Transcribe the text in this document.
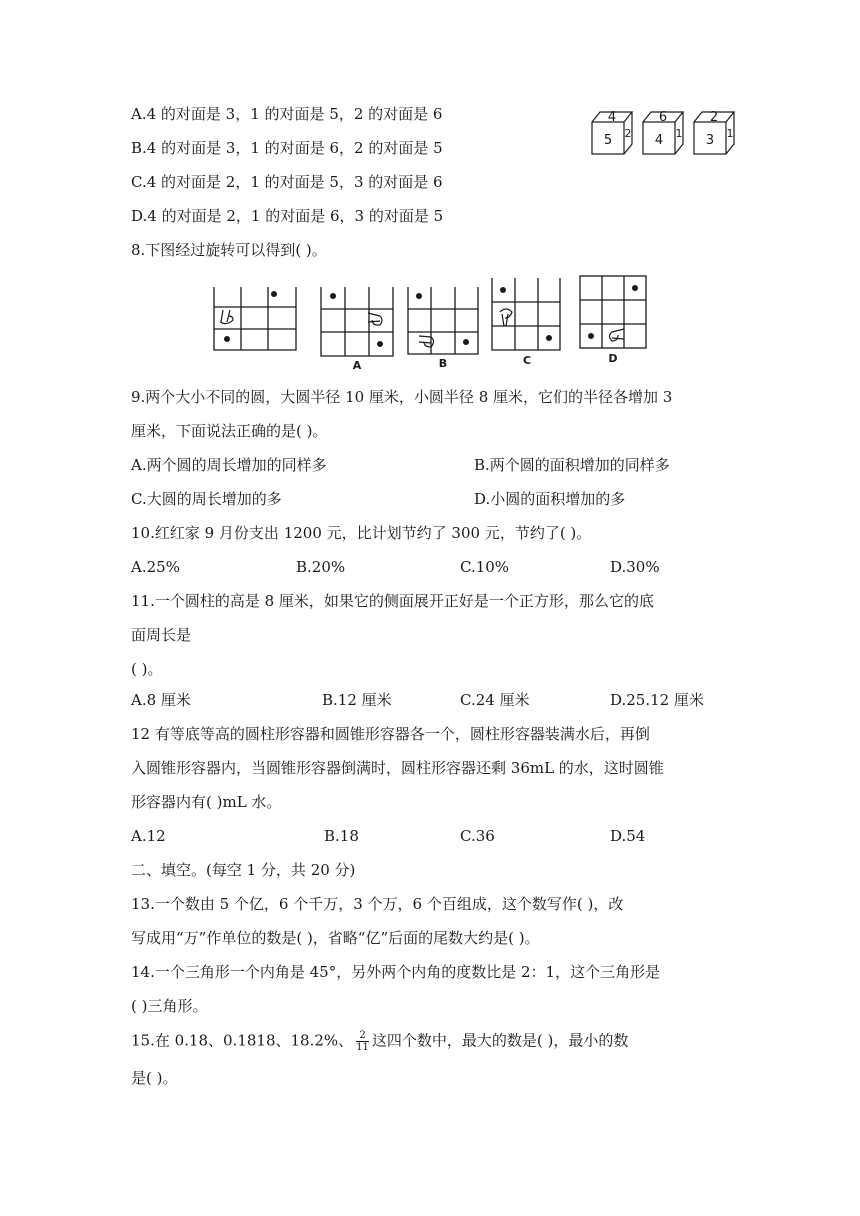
A.4 的对面是 3，1 的对面是 5，2 的对面是 6
B.4 的对面是 3，1 的对面是 6，2 的对面是 5
C.4 的对面是 2，1 的对面是 5，3 的对面是 6
D.4 的对面是 2，1 的对面是 6，3 的对面是 5
4
5 2
6
4 1
2
3 1
8.下图经过旋转可以得到( )。
A	B	C	D
9.两个大小不同的圆，大圆半径 10 厘米，小圆半径 8 厘米，它们的半径各增加 3
厘米，下面说法正确的是( )。
A.两个圆的周长增加的同样多	B.两个圆的面积增加的同样多
C.大圆的周长增加的多	D.小圆的面积增加的多
10.红红家 9 月份支出 1200 元，比计划节约了 300 元，节约了( )。
A.25%	B.20%	C.10%	D.30%
11.一个圆柱的高是 8 厘米，如果它的侧面展开正好是一个正方形，那么它的底
面周长是
( )。
A.8 厘米	B.12 厘米	C.24 厘米	D.25.12 厘米
12 有等底等高的圆柱形容器和圆锥形容器各一个，圆柱形容器装满水后，再倒
入圆锥形容器内，当圆锥形容器倒满时，圆柱形容器还剩 36mL 的水，这时圆锥
形容器内有( )mL 水。
A.12	B.18	C.36	D.54
二、填空。(每空 1 分，共 20 分)
13.一个数由 5 个亿，6 个千万，3 个万，6 个百组成，这个数写作( )，改
写成用“万”作单位的数是( )，省略“亿”后面的尾数大约是( )。
14.一个三角形一个内角是 45°，另外两个内角的度数比是 2：1，这个三角形是
( )三角形。
15.在 0.18、0.1818、18.2%、 $\frac{2}{11}$ 这四个数中，最大的数是( )，最小的数
是( )。
